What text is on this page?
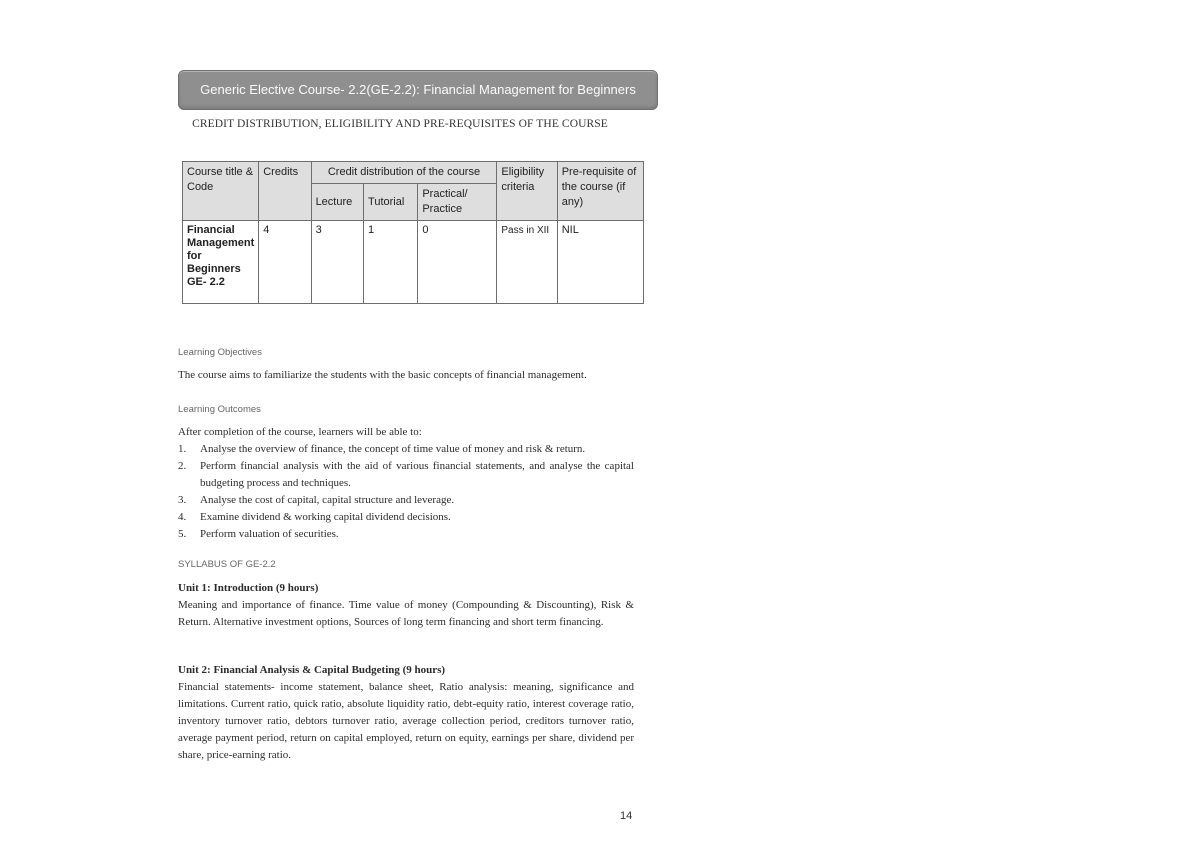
Generic Elective Course- 2.2(GE-2.2): Financial Management for Beginners
CREDIT DISTRIBUTION, ELIGIBILITY AND PRE-REQUISITES OF THE COURSE
Course title & Code	Credits	Credit distribution of the course			Eligibility criteria	Pre-requisite of the course (if any)
		Lecture	Tutorial	Practical/ Practice		
Financial Management for Beginners GE- 2.2	4	3	1	0	Pass in XII	NIL
Learning Objectives

The course aims to familiarize the students with the basic concepts of financial management.

Learning Outcomes

After completion of the course, learners will be able to:

1. Analyse the overview of finance, the concept of time value of money and risk & return.
2. Perform financial analysis with the aid of various financial statements, and analyse the capital budgeting process and techniques.
3. Analyse the cost of capital, capital structure and leverage.
4. Examine dividend & working capital dividend decisions.
5. Perform valuation of securities.
SYLLABUS OF GE-2.2

Unit 1: Introduction (9 hours)

Meaning and importance of finance. Time value of money (Compounding & Discounting), Risk & Return. Alternative investment options, Sources of long term financing and short term financing.

Unit 2: Financial Analysis & Capital Budgeting (9 hours)

Financial statements- income statement, balance sheet, Ratio analysis: meaning, significance and limitations. Current ratio, quick ratio, absolute liquidity ratio, debt-equity ratio, interest coverage ratio, inventory turnover ratio, debtors turnover ratio, average collection period, creditors turnover ratio, average payment period, return on capital employed, return on equity, earnings per share, dividend per share, price-earning ratio.

14
